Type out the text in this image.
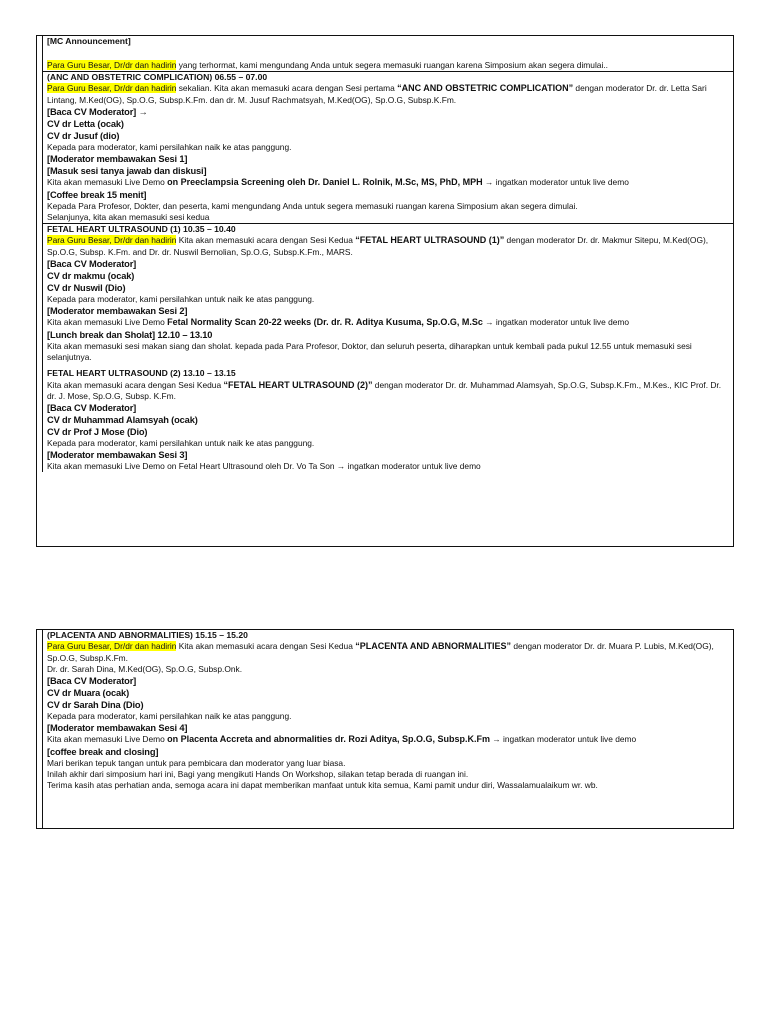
[MC Announcement]

Para Guru Besar, Dr/dr dan hadirin yang terhormat, kami mengundang Anda untuk segera memasuki ruangan karena Simposium akan segera dimulai..

(ANC AND OBSTETRIC COMPLICATION) 06.55 – 07.00

Para Guru Besar, Dr/dr dan hadirin sekalian. Kita akan memasuki acara dengan Sesi pertama “ANC AND OBSTETRIC COMPLICATION” dengan moderator Dr. dr. Letta Sari Lintang, M.Ked(OG), Sp.O.G, Subsp.K.Fm. dan dr. M. Jusuf Rachmatsyah, M.Ked(OG), Sp.O.G, Subsp.K.Fm.

[Baca CV Moderator] →

CV dr Letta (ocak)

CV dr Jusuf (dio)

Kepada para moderator, kami persilahkan naik ke atas panggung.

[Moderator membawakan Sesi 1]

[Masuk sesi tanya jawab dan diskusi]

Kita akan memasuki Live Demo on Preeclampsia Screening oleh Dr. Daniel L. Rolnik, M.Sc, MS, PhD, MPH → ingatkan moderator untuk live demo

[Coffee break 15 menit]

Kepada Para Profesor, Dokter, dan peserta, kami mengundang Anda untuk segera memasuki ruangan karena Simposium akan segera dimulai.

Selanjunya, kita akan memasuki sesi kedua

FETAL HEART ULTRASOUND (1) 10.35 – 10.40

Para Guru Besar, Dr/dr dan hadirin Kita akan memasuki acara dengan Sesi Kedua “FETAL HEART ULTRASOUND (1)” dengan moderator Dr. dr. Makmur Sitepu, M.Ked(OG), Sp.O.G, Subsp. K.Fm. and Dr. dr. Nuswil Bernolian, Sp.O.G, Subsp.K.Fm., MARS.

[Baca CV Moderator]

CV dr makmu (ocak)

CV dr Nuswil (Dio)

Kepada para moderator, kami persilahkan untuk naik ke atas panggung.

[Moderator membawakan Sesi 2]

Kita akan memasuki Live Demo Fetal Normality Scan 20-22 weeks (Dr. dr. R. Aditya Kusuma, Sp.O.G, M.Sc → ingatkan moderator untuk live demo

[Lunch break dan Sholat] 12.10 – 13.10

Kita akan memasuki sesi makan siang dan sholat. kepada pada Para Profesor, Doktor, dan seluruh peserta, diharapkan untuk kembali pada pukul 12.55 untuk memasuki sesi selanjutnya.

FETAL HEART ULTRASOUND (2) 13.10 – 13.15

Kita akan memasuki acara dengan Sesi Kedua “FETAL HEART ULTRASOUND (2)” dengan moderator Dr. dr. Muhammad Alamsyah, Sp.O.G, Subsp.K.Fm., M.Kes., KIC Prof. Dr. dr. J. Mose, Sp.O.G, Subsp. K.Fm.

[Baca CV Moderator]

CV dr Muhammad Alamsyah (ocak)

CV dr Prof J Mose (Dio)

Kepada para moderator, kami persilahkan untuk naik ke atas panggung.

[Moderator membawakan Sesi 3]

Kita akan memasuki Live Demo on Fetal Heart Ultrasound oleh Dr. Vo Ta Son → ingatkan moderator untuk live demo

(PLACENTA AND ABNORMALITIES) 15.15 – 15.20

Para Guru Besar, Dr/dr dan hadirin Kita akan memasuki acara dengan Sesi Kedua “PLACENTA AND ABNORMALITIES” dengan moderator Dr. dr. Muara P. Lubis, M.Ked(OG), Sp.O.G, Subsp.K.Fm.

Dr. dr. Sarah Dina, M.Ked(OG), Sp.O.G, Subsp.Onk.

[Baca CV Moderator]

CV dr Muara (ocak)

CV dr Sarah Dina (Dio)

Kepada para moderator, kami persilahkan naik ke atas panggung.

[Moderator membawakan Sesi 4]

Kita akan memasuki Live Demo on Placenta Accreta and abnormalities dr. Rozi Aditya, Sp.O.G, Subsp.K.Fm → ingatkan moderator untuk live demo

[coffee break and closing]

Mari berikan tepuk tangan untuk para pembicara dan moderator yang luar biasa.

Inilah akhir dari simposium hari ini, Bagi yang mengikuti Hands On Workshop, silakan tetap berada di ruangan ini.

Terima kasih atas perhatian anda, semoga acara ini dapat memberikan manfaat untuk kita semua, Kami pamit undur diri, Wassalamualaikum wr. wb.
